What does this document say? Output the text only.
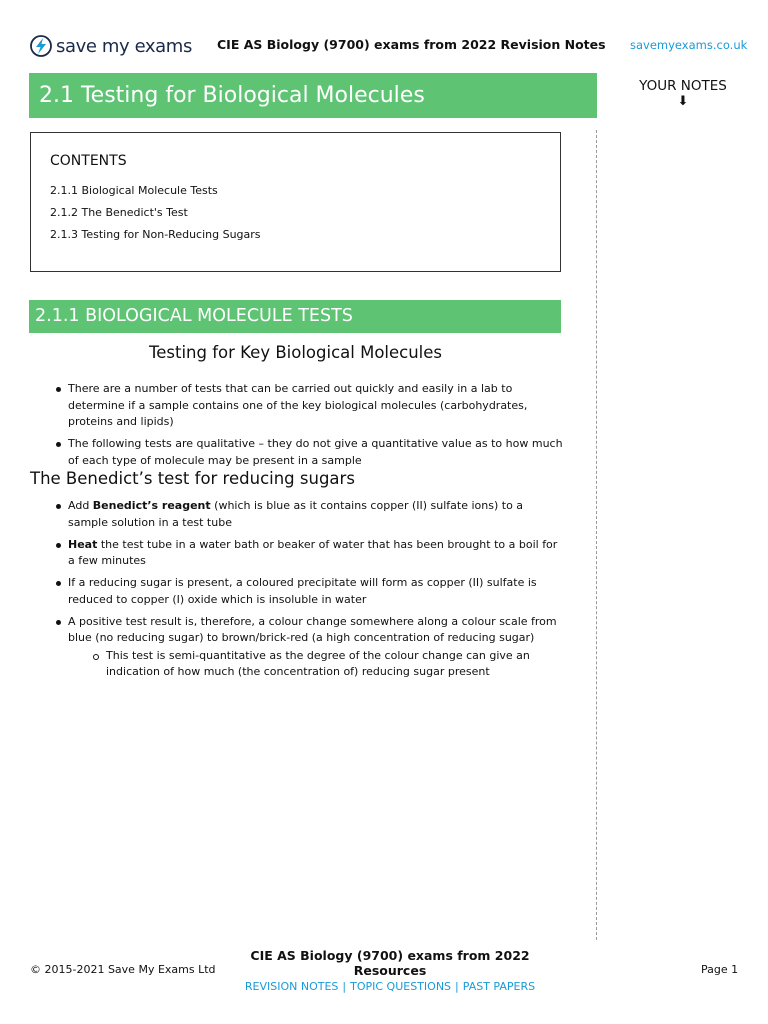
save my exams CIE AS Biology (9700) exams from 2022 Revision Notes savemyexams.co.uk
YOUR NOTES
⬇
2.1 Testing for Biological Molecules
CONTENTS
2.1.1 Biological Molecule Tests
2.1.2 The Benedict's Test
2.1.3 Testing for Non-Reducing Sugars
2.1.1 BIOLOGICAL MOLECULE TESTS
Testing for Key Biological Molecules
There are a number of tests that can be carried out quickly and easily in a lab to determine if a sample contains one of the key biological molecules (carbohydrates, proteins and lipids)
The following tests are qualitative – they do not give a quantitative value as to how much of each type of molecule may be present in a sample
The Benedict’s test for reducing sugars
Add Benedict’s reagent (which is blue as it contains copper (II) sulfate ions) to a sample solution in a test tube
Heat the test tube in a water bath or beaker of water that has been brought to a boil for a few minutes
If a reducing sugar is present, a coloured precipitate will form as copper (II) sulfate is reduced to copper (I) oxide which is insoluble in water
A positive test result is, therefore, a colour change somewhere along a colour scale from blue (no reducing sugar) to brown/brick-red (a high concentration of reducing sugar)
This test is semi-quantitative as the degree of the colour change can give an indication of how much (the concentration of) reducing sugar present
© 2015-2021 Save My Exams Ltd
CIE AS Biology (9700) exams from 2022 Resources
REVISION NOTES | TOPIC QUESTIONS | PAST PAPERS
Page 1
